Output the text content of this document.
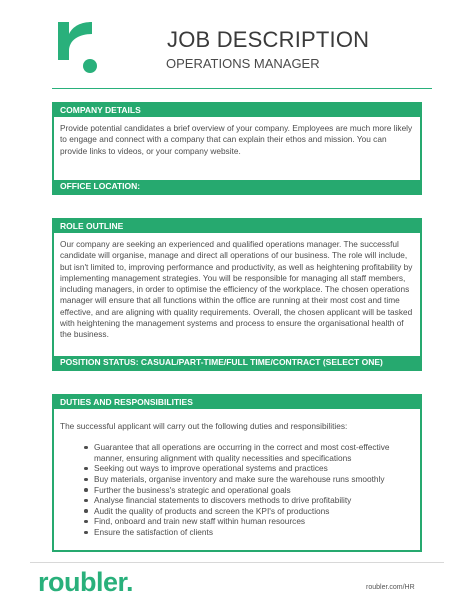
JOB DESCRIPTION
OPERATIONS MANAGER
COMPANY DETAILS
Provide potential candidates a brief overview of your company. Employees are much more likely to engage and connect with a company that can explain their ethos and mission. You can provide links to videos, or your company website.
OFFICE LOCATION:
ROLE OUTLINE
Our company are seeking an experienced and qualified operations manager. The successful candidate will organise, manage and direct all operations of our business. The role will include, but isn't limited to, improving performance and productivity, as well as heightening profitability by implementing management strategies. You will be responsible for managing all staff members, including managers, in order to optimise the efficiency of the workplace. The chosen operations manager will ensure that all functions within the office are running at their most cost and time effective, and are aligning with quality requirements. Overall, the chosen applicant will be tasked with heightening the management systems and process to ensure the organisational health of the business.
POSITION STATUS: CASUAL/PART-TIME/FULL TIME/CONTRACT (SELECT ONE)
DUTIES AND RESPONSIBILITIES
The successful applicant will carry out the following duties and responsibilities:
Guarantee that all operations are occurring in the correct and most cost-effective manner, ensuring alignment with quality necessities and specifications
Seeking out ways to improve operational systems and practices
Buy materials, organise inventory and make sure the warehouse runs smoothly
Further the business's strategic and operational goals
Analyse financial statements to discovers methods to drive profitability
Audit the quality of products and screen the KPI's of productions
Find, onboard and train new staff within human resources
Ensure the satisfaction of clients
roubler.	roubler.com/HR
